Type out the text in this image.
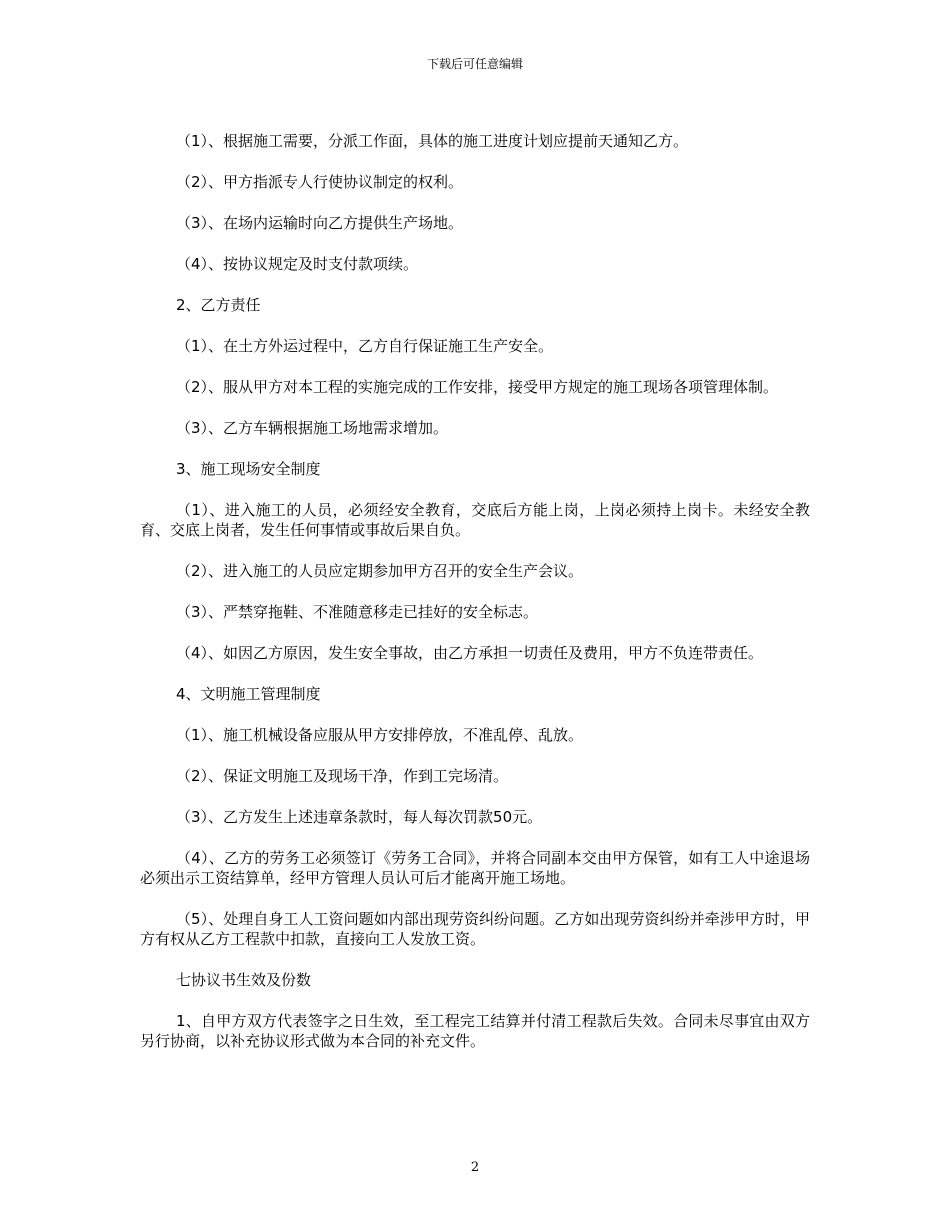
下载后可任意编辑

（1）、根据施工需要，分派工作面，具体的施工进度计划应提前天通知乙方。

（2）、甲方指派专人行使协议制定的权利。

（3）、在场内运输时向乙方提供生产场地。

（4）、按协议规定及时支付款项续。

2、乙方责任

（1）、在土方外运过程中，乙方自行保证施工生产安全。

（2）、服从甲方对本工程的实施完成的工作安排，接受甲方规定的施工现场各项管理体制。

（3）、乙方车辆根据施工场地需求增加。

3、施工现场安全制度

（1）、进入施工的人员，必须经安全教育，交底后方能上岗，上岗必须持上岗卡。未经安全教育、交底上岗者，发生任何事情或事故后果自负。

（2）、进入施工的人员应定期参加甲方召开的安全生产会议。

（3）、严禁穿拖鞋、不准随意移走已挂好的安全标志。

（4）、如因乙方原因，发生安全事故，由乙方承担一切责任及费用，甲方不负连带责任。

4、文明施工管理制度

（1）、施工机械设备应服从甲方安排停放，不准乱停、乱放。

（2）、保证文明施工及现场干净，作到工完场清。

（3）、乙方发生上述违章条款时，每人每次罚款50元。

（4）、乙方的劳务工必须签订《劳务工合同》，并将合同副本交由甲方保管，如有工人中途退场必须出示工资结算单，经甲方管理人员认可后才能离开施工场地。

（5）、处理自身工人工资问题如内部出现劳资纠纷问题。乙方如出现劳资纠纷并牵涉甲方时，甲方有权从乙方工程款中扣款，直接向工人发放工资。

七协议书生效及份数

1、自甲方双方代表签字之日生效，至工程完工结算并付清工程款后失效。合同未尽事宜由双方另行协商，以补充协议形式做为本合同的补充文件。

2
